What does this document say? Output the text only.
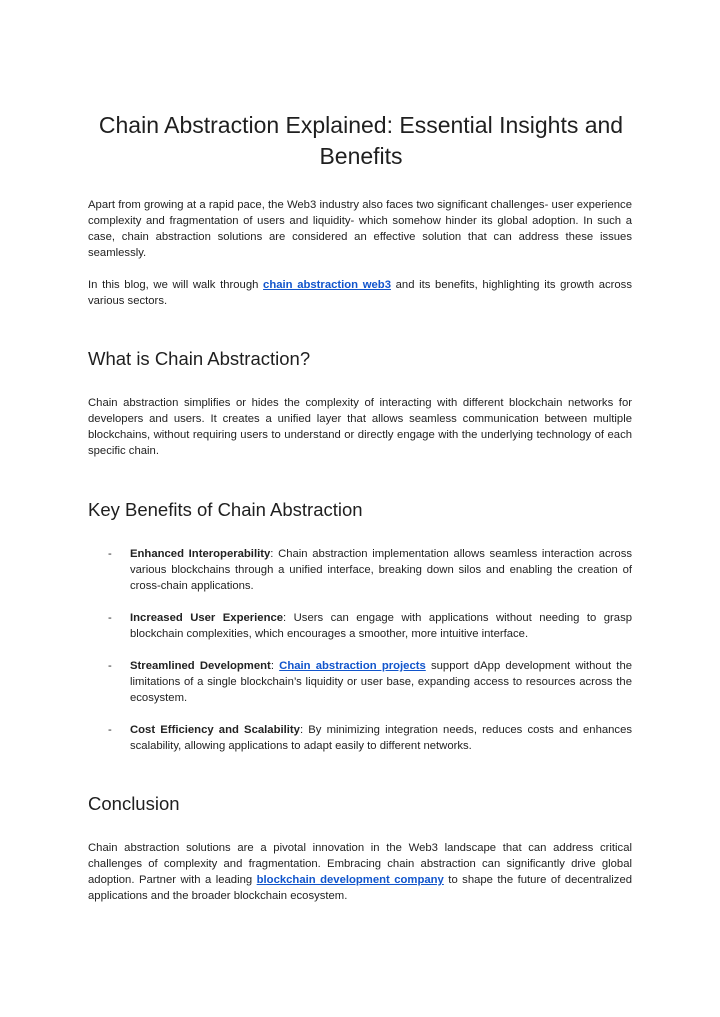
Chain Abstraction Explained: Essential Insights and Benefits

Apart from growing at a rapid pace, the Web3 industry also faces two significant challenges- user experience complexity and fragmentation of users and liquidity- which somehow hinder its global adoption. In such a case, chain abstraction solutions are considered an effective solution that can address these issues seamlessly.

In this blog, we will walk through chain abstraction web3 and its benefits, highlighting its growth across various sectors.

What is Chain Abstraction?

Chain abstraction simplifies or hides the complexity of interacting with different blockchain networks for developers and users. It creates a unified layer that allows seamless communication between multiple blockchains, without requiring users to understand or directly engage with the underlying technology of each specific chain.

Key Benefits of Chain Abstraction
- Enhanced Interoperability: Chain abstraction implementation allows seamless interaction across various blockchains through a unified interface, breaking down silos and enabling the creation of cross-chain applications.
- Increased User Experience: Users can engage with applications without needing to grasp blockchain complexities, which encourages a smoother, more intuitive interface.
- Streamlined Development: Chain abstraction projects support dApp development without the limitations of a single blockchain’s liquidity or user base, expanding access to resources across the ecosystem.
- Cost Efficiency and Scalability: By minimizing integration needs, reduces costs and enhances scalability, allowing applications to adapt easily to different networks.
Conclusion

Chain abstraction solutions are a pivotal innovation in the Web3 landscape that can address critical challenges of complexity and fragmentation. Embracing chain abstraction can significantly drive global adoption. Partner with a leading blockchain development company to shape the future of decentralized applications and the broader blockchain ecosystem.
